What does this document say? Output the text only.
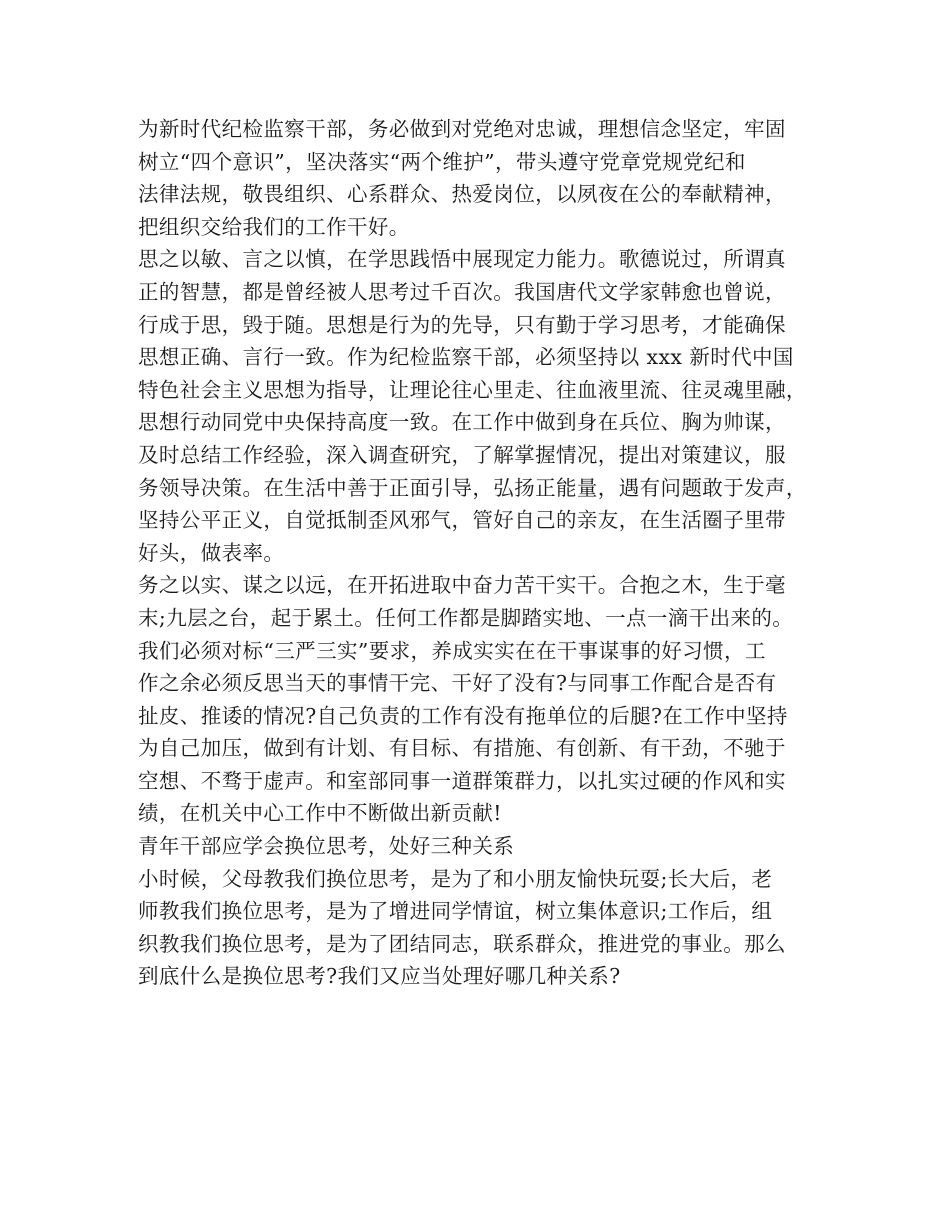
为新时代纪检监察干部，务必做到对党绝对忠诚，理想信念坚定，牢固
树立“四个意识”，坚决落实“两个维护”，带头遵守党章党规党纪和
法律法规，敬畏组织、心系群众、热爱岗位，以夙夜在公的奉献精神，
把组织交给我们的工作干好。
思之以敏、言之以慎，在学思践悟中展现定力能力。歌德说过，所谓真
正的智慧，都是曾经被人思考过千百次。我国唐代文学家韩愈也曾说，
行成于思，毁于随。思想是行为的先导，只有勤于学习思考，才能确保
思想正确、言行一致。作为纪检监察干部，必须坚持以 xxx 新时代中国
特色社会主义思想为指导，让理论往心里走、往血液里流、往灵魂里融，
思想行动同党中央保持高度一致。在工作中做到身在兵位、胸为帅谋，
及时总结工作经验，深入调查研究，了解掌握情况，提出对策建议，服
务领导决策。在生活中善于正面引导，弘扬正能量，遇有问题敢于发声，
坚持公平正义，自觉抵制歪风邪气，管好自己的亲友，在生活圈子里带
好头，做表率。
务之以实、谋之以远，在开拓进取中奋力苦干实干。合抱之木，生于毫
末;九层之台，起于累土。任何工作都是脚踏实地、一点一滴干出来的。
我们必须对标“三严三实”要求，养成实实在在干事谋事的好习惯，工
作之余必须反思当天的事情干完、干好了没有?与同事工作配合是否有
扯皮、推诿的情况?自己负责的工作有没有拖单位的后腿?在工作中坚持
为自己加压，做到有计划、有目标、有措施、有创新、有干劲，不驰于
空想、不骛于虚声。和室部同事一道群策群力，以扎实过硬的作风和实
绩，在机关中心工作中不断做出新贡献!
青年干部应学会换位思考，处好三种关系
小时候，父母教我们换位思考，是为了和小朋友愉快玩耍;长大后，老
师教我们换位思考，是为了增进同学情谊，树立集体意识;工作后，组
织教我们换位思考，是为了团结同志，联系群众，推进党的事业。那么
到底什么是换位思考?我们又应当处理好哪几种关系?
